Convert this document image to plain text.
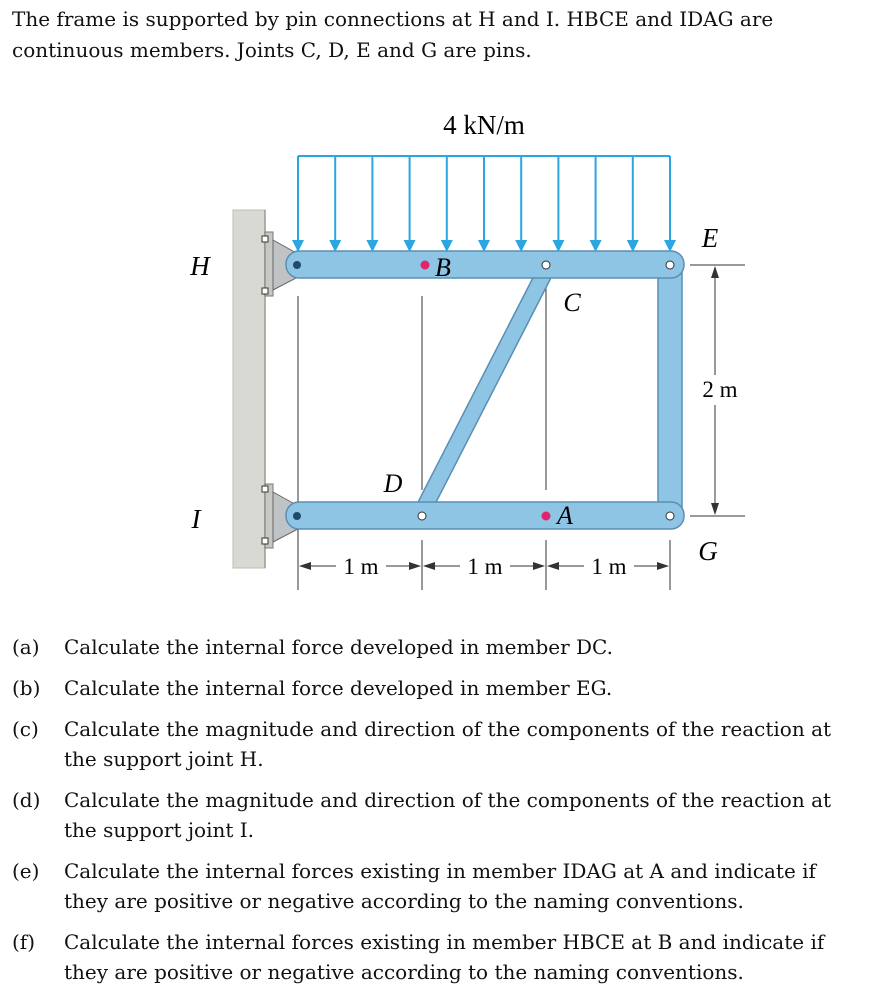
The frame is supported by pin connections at H and I. HBCE and IDAG are
continuous members. Joints C, D, E and G are pins.
4 kN/m
H
I
B
C
D
A
E
G
2 m
1 m	1 m	1 m
(a) Calculate the internal force developed in member DC.
(b) Calculate the internal force developed in member EG.
(c) Calculate the magnitude and direction of the components of the reaction at
the support joint H.
(d) Calculate the magnitude and direction of the components of the reaction at
the support joint I.
(e) Calculate the internal forces existing in member IDAG at A and indicate if
they are positive or negative according to the naming conventions.
(f) Calculate the internal forces existing in member HBCE at B and indicate if
they are positive or negative according to the naming conventions.
